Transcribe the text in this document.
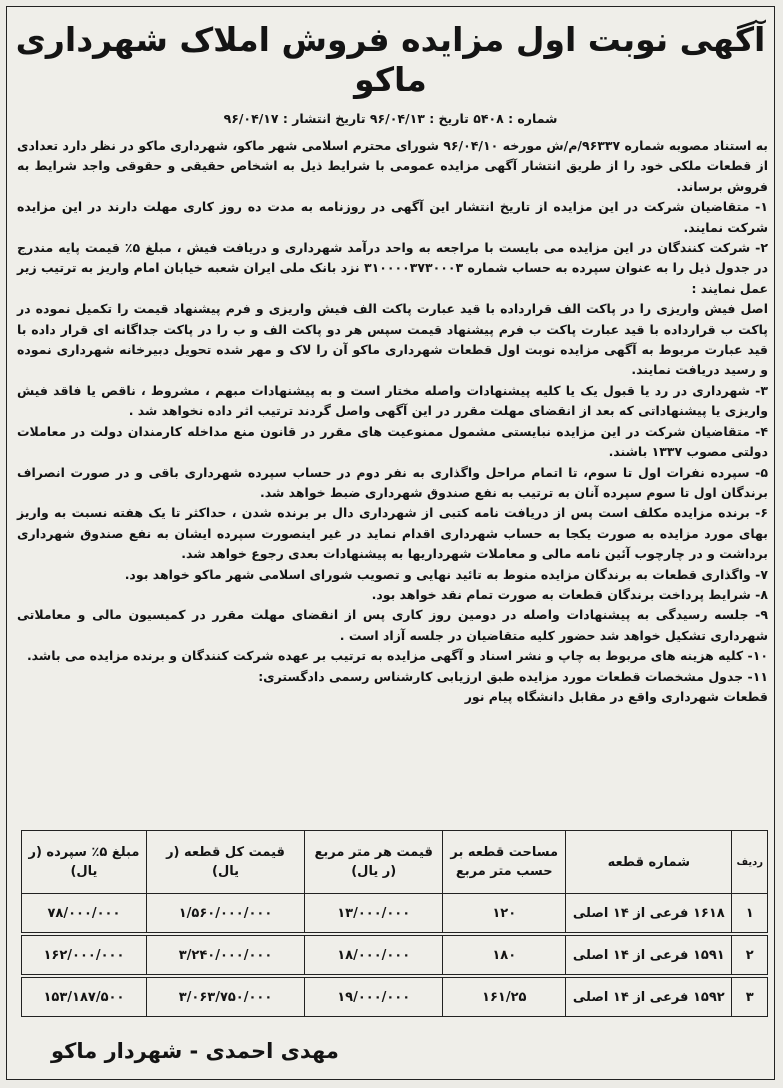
آگهی نوبت اول مزایده فروش املاک شهرداری ماکو
شماره : ۵۴۰۸ تاریخ : ۹۶/۰۴/۱۳ تاریخ انتشار : ۹۶/۰۴/۱۷

به استناد مصوبه شماره ۹۶۳۳۷/م/ش مورخه ۹۶/۰۴/۱۰ شورای محترم اسلامی شهر ماکو، شهرداری ماکو در نظر دارد تعدادی از قطعات ملکی خود را از طریق انتشار آگهی مزایده عمومی با شرایط ذیل به اشخاص حقیقی و حقوقی واجد شرایط به فروش برساند.

۱- متقاضیان شرکت در این مزایده از تاریخ انتشار این آگهی در روزنامه به مدت ده روز کاری مهلت دارند در این مزایده شرکت نمایند.

۲- شرکت کنندگان در این مزایده می بایست با مراجعه به واحد درآمد شهرداری و دریافت فیش ، مبلغ ۵٪ قیمت پایه مندرج در جدول ذیل را به عنوان سپرده به حساب شماره ۳۱۰۰۰۰۳۷۳۰۰۰۳ نزد بانک ملی ایران شعبه خیابان امام واریز به ترتیب زیر عمل نمایند :

اصل فیش واریزی را در پاکت الف قرارداده با قید عبارت پاکت الف فیش واریزی و فرم پیشنهاد قیمت را تکمیل نموده در پاکت ب قرارداده با قید عبارت پاکت ب فرم پیشنهاد قیمت سپس هر دو پاکت الف و ب را در پاکت جداگانه ای قرار داده با قید عبارت مربوط به آگهی مزایده نوبت اول قطعات شهرداری ماکو آن را لاک و مهر شده تحویل دبیرخانه شهرداری نموده و رسید دریافت نمایند.

۳- شهرداری در رد یا قبول یک یا کلیه پیشنهادات واصله مختار است و به پیشنهادات مبهم ، مشروط ، ناقص یا فاقد فیش واریزی یا پیشنهاداتی که بعد از انقضای مهلت مقرر در این آگهی واصل گردند ترتیب اثر داده نخواهد شد .

۴- متقاضیان شرکت در این مزایده نبایستی مشمول ممنوعیت های مقرر در قانون منع مداخله کارمندان دولت در معاملات دولتی مصوب ۱۳۳۷ باشند.

۵- سپرده نفرات اول تا سوم، تا اتمام مراحل واگذاری به نفر دوم در حساب سپرده شهرداری باقی و در صورت انصراف برندگان اول تا سوم سپرده آنان به ترتیب به نفع صندوق شهرداری ضبط خواهد شد.

۶- برنده مزایده مکلف است پس از دریافت نامه کتبی از شهرداری دال بر برنده شدن ، حداکثر تا یک هفته نسبت به واریز بهای مورد مزایده به صورت یکجا به حساب شهرداری اقدام نماید در غیر اینصورت سپرده ایشان به نفع صندوق شهرداری برداشت و در چارچوب آئین نامه مالی و معاملات شهرداریها به پیشنهادات بعدی رجوع خواهد شد.

۷- واگذاری قطعات به برندگان مزایده منوط به تائید نهایی و تصویب شورای اسلامی شهر ماکو خواهد بود.

۸- شرایط پرداخت برندگان قطعات به صورت تمام نقد خواهد بود.

۹- جلسه رسیدگی به پیشنهادات واصله در دومین روز کاری پس از انقضای مهلت مقرر در کمیسیون مالی و معاملاتی شهرداری تشکیل خواهد شد حضور کلیه متقاضیان در جلسه آزاد است .

۱۰- کلیه هزینه های مربوط به چاپ و نشر اسناد و آگهی مزایده به ترتیب بر عهده شرکت کنندگان و برنده مزایده می باشد.

۱۱- جدول مشخصات قطعات مورد مزایده طبق ارزیابی کارشناس رسمی دادگستری:

قطعات شهرداری واقع در مقابل دانشگاه پیام نور

ردیف	شماره قطعه	مساحت قطعه بر حسب متر مربع	قیمت هر متر مربع (ر یال)	قیمت کل قطعه (ر یال)	مبلغ ۵٪ سپرده (ر یال)
۱	۱۶۱۸ فرعی از ۱۴ اصلی	۱۲۰	۱۳/۰۰۰/۰۰۰	۱/۵۶۰/۰۰۰/۰۰۰	۷۸/۰۰۰/۰۰۰

۲	۱۵۹۱ فرعی از ۱۴ اصلی	۱۸۰	۱۸/۰۰۰/۰۰۰	۳/۲۴۰/۰۰۰/۰۰۰	۱۶۲/۰۰۰/۰۰۰

۳	۱۵۹۲ فرعی از ۱۴ اصلی	۱۶۱/۲۵	۱۹/۰۰۰/۰۰۰	۳/۰۶۳/۷۵۰/۰۰۰	۱۵۳/۱۸۷/۵۰۰
مهدی احمدی - شهردار ماکو
